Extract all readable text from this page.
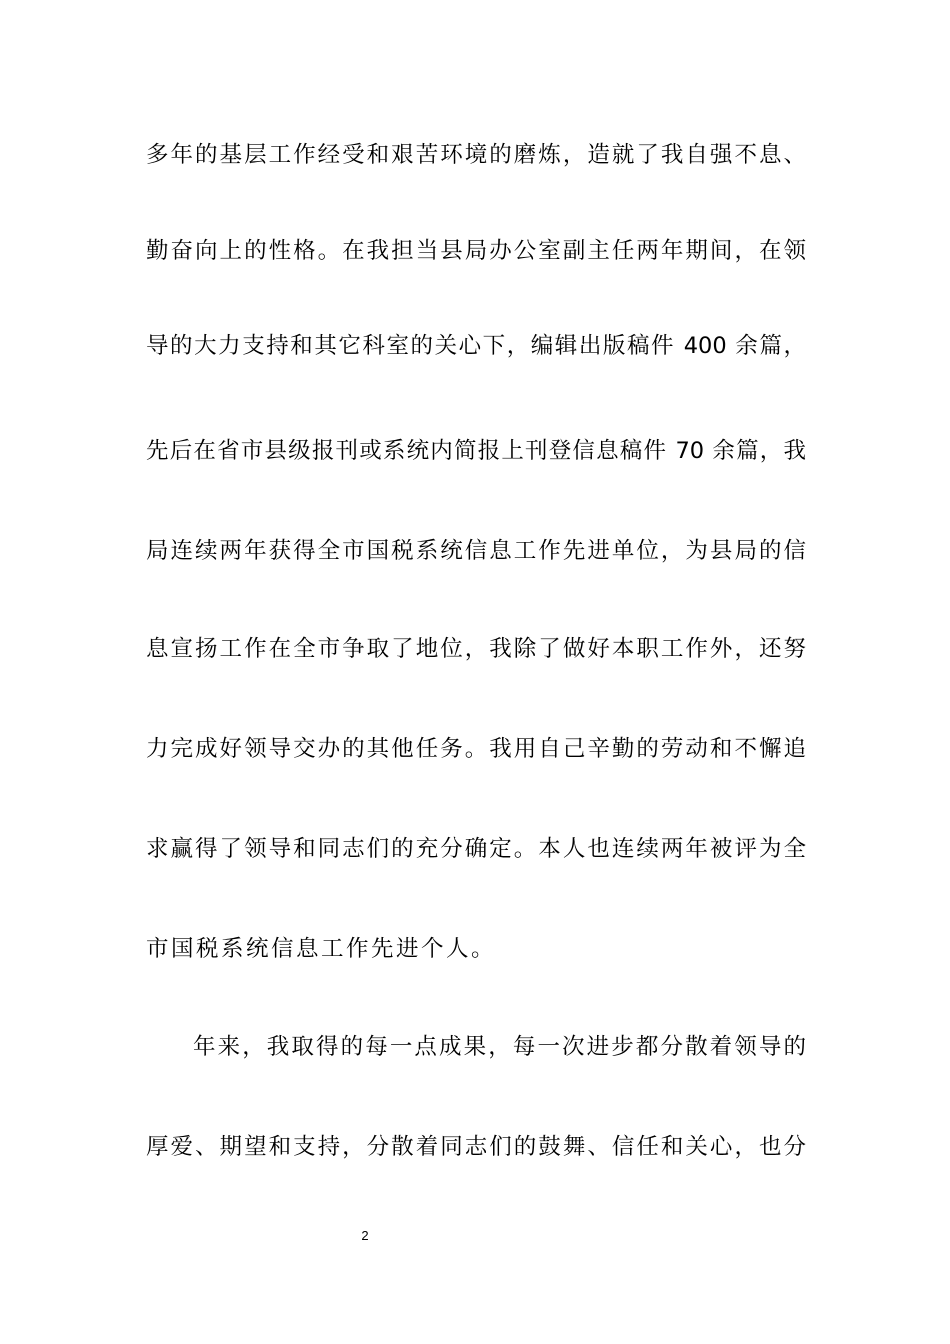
多年的基层工作经受和艰苦环境的磨炼，造就了我自强不息、
勤奋向上的性格。在我担当县局办公室副主任两年期间，在领
导的大力支持和其它科室的关心下，编辑出版稿件 400 余篇，
先后在省市县级报刊或系统内简报上刊登信息稿件 70 余篇，我
局连续两年获得全市国税系统信息工作先进单位，为县局的信
息宣扬工作在全市争取了地位，我除了做好本职工作外，还努
力完成好领导交办的其他任务。我用自己辛勤的劳动和不懈追
求赢得了领导和同志们的充分确定。本人也连续两年被评为全
市国税系统信息工作先进个人。
年来，我取得的每一点成果，每一次进步都分散着领导的
厚爱、期望和支持，分散着同志们的鼓舞、信任和关心，也分
2
